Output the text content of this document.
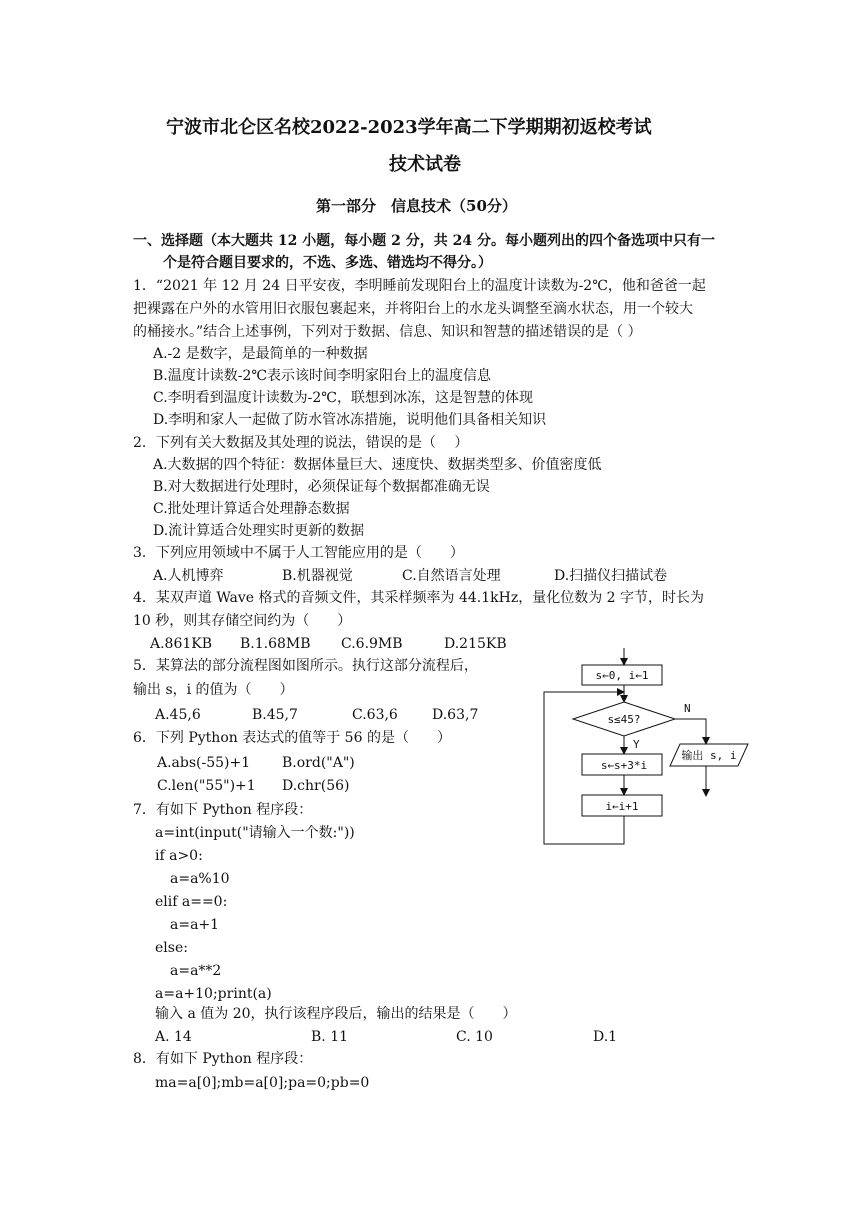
宁波市北仑区名校2022-2023学年高二下学期期初返校考试
技术试卷
第一部分　信息技术（50分）
一、选择题（本大题共 12 小题，每小题 2 分，共 24 分。每小题列出的四个备选项中只有一
个是符合题目要求的，不选、多选、错选均不得分。）
1．“2021 年 12 月 24 日平安夜，李明睡前发现阳台上的温度计读数为-2℃，他和爸爸一起
把裸露在户外的水管用旧衣服包裹起来，并将阳台上的水龙头调整至滴水状态，用一个较大
的桶接水。”结合上述事例，下列对于数据、信息、知识和智慧的描述错误的是（ ）
A.-2 是数字，是最简单的一种数据
B.温度计读数-2℃表示该时间李明家阳台上的温度信息
C.李明看到温度计读数为-2℃，联想到冰冻，这是智慧的体现
D.李明和家人一起做了防水管冰冻措施，说明他们具备相关知识
2．下列有关大数据及其处理的说法，错误的是（　 ）
A.大数据的四个特征：数据体量巨大、速度快、数据类型多、价值密度低
B.对大数据进行处理时，必须保证每个数据都准确无误
C.批处理计算适合处理静态数据
D.流计算适合处理实时更新的数据
3．下列应用领域中不属于人工智能应用的是（　　）
A.人机博弈	B.机器视觉	C.自然语言处理	D.扫描仪扫描试卷
4．某双声道 Wave 格式的音频文件，其采样频率为 44.1kHz，量化位数为 2 字节，时长为
10 秒，则其存储空间约为（　　）
A.861KB B.1.68MB C.6.9MB	D.215KB
5．某算法的部分流程图如图所示。执行这部分流程后，
输出 s，i 的值为（　　）
A.45,6	B.45,7	C.63,6 D.63,7
6．下列 Python 表达式的值等于 56 的是（　　）
A.abs(-55)+1 B.ord("A")
C.len("55")+1 D.chr(56)
7．有如下 Python 程序段：
a=int(input("请输入一个数:"))
if a>0:
a=a%10
elif a==0:
a=a+1
else:
a=a**2
a=a+10;print(a)
输入 a 值为 20，执行该程序段后，输出的结果是（　　）
A. 14	B. 11	C. 10	D.1
8．有如下 Python 程序段：
ma=a[0];mb=a[0];pa=0;pb=0
s←0, i←1
s≤45?
N
Y
s←s+3*i
i←i+1
输出 s, i
